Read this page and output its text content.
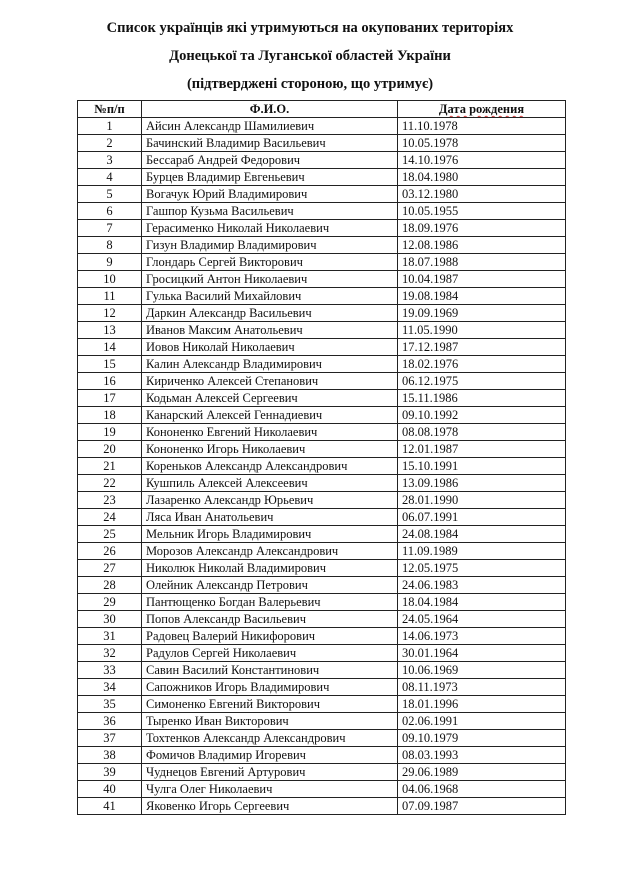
Список українців які утримуються на окупованих територіях
Донецької та Луганської областей України
(підтверджені стороною, що утримує)
№п/п	Ф.И.О.	Дата рождения
1	Айсин Александр Шамилиевич	11.10.1978
2	Бачинский Владимир Васильевич	10.05.1978
3	Бессараб Андрей Федорович	14.10.1976
4	Бурцев Владимир Евгеньевич	18.04.1980
5	Вогачук Юрий Владимирович	03.12.1980
6	Гашпор Кузьма Васильевич	10.05.1955
7	Герасименко Николай Николаевич	18.09.1976
8	Гизун Владимир Владимирович	12.08.1986
9	Глондарь Сергей Викторович	18.07.1988
10	Гросицкий Антон Николаевич	10.04.1987
11	Гулька Василий Михайлович	19.08.1984
12	Даркин Александр Васильевич	19.09.1969
13	Иванов Максим Анатольевич	11.05.1990
14	Иовов Николай Николаевич	17.12.1987
15	Калин Александр Владимирович	18.02.1976
16	Кириченко Алексей Степанович	06.12.1975
17	Кодьман Алексей Сергеевич	15.11.1986
18	Канарский Алексей Геннадиевич	09.10.1992
19	Кононенко Евгений Николаевич	08.08.1978
20	Кононенко Игорь Николаевич	12.01.1987
21	Кореньков Александр Александрович	15.10.1991
22	Кушпиль Алексей Алексеевич	13.09.1986
23	Лазаренко Александр Юрьевич	28.01.1990
24	Ляса Иван Анатольевич	06.07.1991
25	Мельник Игорь Владимирович	24.08.1984
26	Морозов Александр Александрович	11.09.1989
27	Николюк Николай Владимирович	12.05.1975
28	Олейник Александр Петрович	24.06.1983
29	Пантющенко Богдан Валерьевич	18.04.1984
30	Попов Александр Васильевич	24.05.1964
31	Радовец Валерий Никифорович	14.06.1973
32	Радулов Сергей Николаевич	30.01.1964
33	Савин Василий Константинович	10.06.1969
34	Сапожников Игорь Владимирович	08.11.1973
35	Симоненко Евгений Викторович	18.01.1996
36	Тыренко Иван Викторович	02.06.1991
37	Тохтенков Александр Александрович	09.10.1979
38	Фомичов Владимир Игоревич	08.03.1993
39	Чуднецов Евгений Артурович	29.06.1989
40	Чулга Олег Николаевич	04.06.1968
41	Яковенко Игорь Сергеевич	07.09.1987
